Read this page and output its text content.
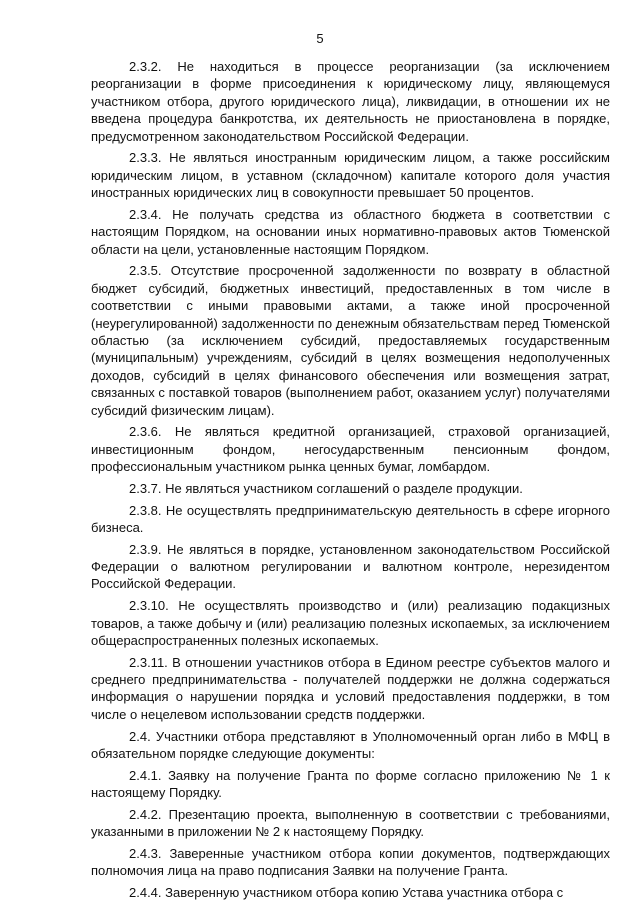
5

2.3.2. Не находиться в процессе реорганизации (за исключением реорганизации в форме присоединения к юридическому лицу, являющемуся участником отбора, другого юридического лица), ликвидации, в отношении их не введена процедура банкротства, их деятельность не приостановлена в порядке, предусмотренном законодательством Российской Федерации.

2.3.3. Не являться иностранным юридическим лицом, а также российским юридическим лицом, в уставном (складочном) капитале которого доля участия иностранных юридических лиц в совокупности превышает 50 процентов.

2.3.4. Не получать средства из областного бюджета в соответствии с настоящим Порядком, на основании иных нормативно-правовых актов Тюменской области на цели, установленные настоящим Порядком.

2.3.5. Отсутствие просроченной задолженности по возврату в областной бюджет субсидий, бюджетных инвестиций, предоставленных в том числе в соответствии с иными правовыми актами, а также иной просроченной (неурегулированной) задолженности по денежным обязательствам перед Тюменской областью (за исключением субсидий, предоставляемых государственным (муниципальным) учреждениям, субсидий в целях возмещения недополученных доходов, субсидий в целях финансового обеспечения или возмещения затрат, связанных с поставкой товаров (выполнением работ, оказанием услуг) получателями субсидий физическим лицам).

2.3.6. Не являться кредитной организацией, страховой организацией, инвестиционным фондом, негосударственным пенсионным фондом, профессиональным участником рынка ценных бумаг, ломбардом.

2.3.7. Не являться участником соглашений о разделе продукции.

2.3.8. Не осуществлять предпринимательскую деятельность в сфере игорного бизнеса.

2.3.9. Не являться в порядке, установленном законодательством Российской Федерации о валютном регулировании и валютном контроле, нерезидентом Российской Федерации.

2.3.10. Не осуществлять производство и (или) реализацию подакцизных товаров, а также добычу и (или) реализацию полезных ископаемых, за исключением общераспространенных полезных ископаемых.

2.3.11. В отношении участников отбора в Едином реестре субъектов малого и среднего предпринимательства - получателей поддержки не должна содержаться информация о нарушении порядка и условий предоставления поддержки, в том числе о нецелевом использовании средств поддержки.

2.4. Участники отбора представляют в Уполномоченный орган либо в МФЦ в обязательном порядке следующие документы:

2.4.1. Заявку на получение Гранта по форме согласно приложению № 1 к настоящему Порядку.

2.4.2. Презентацию проекта, выполненную в соответствии с требованиями, указанными в приложении № 2 к настоящему Порядку.

2.4.3. Заверенные участником отбора копии документов, подтверждающих полномочия лица на право подписания Заявки на получение Гранта.

2.4.4. Заверенную участником отбора копию Устава участника отбора с
